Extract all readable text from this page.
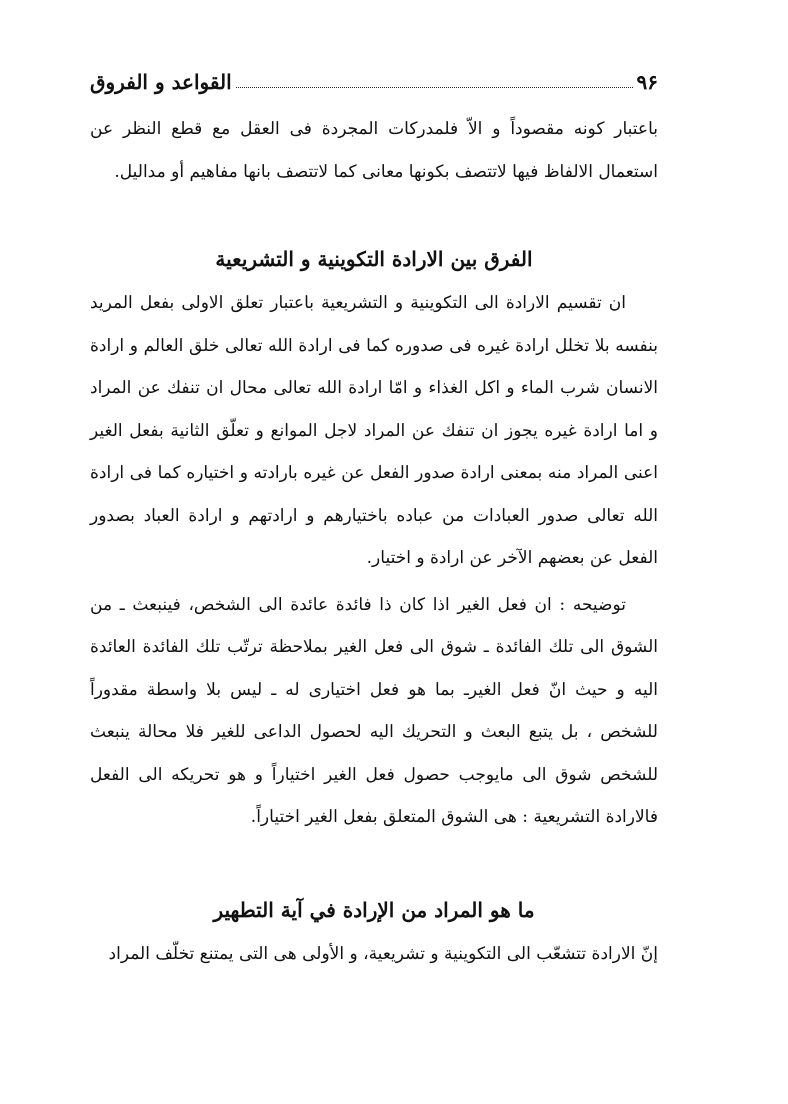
٩۶
القواعد و الفروق

باعتبار كونه مقصوداً و الاّ فلمدركات المجردة فى العقل مع قطع النظر عن استعمال الالفاظ فيها لاتتصف بكونها معانى كما لاتتصف بانها مفاهيم أو مداليل.

الفرق بين الارادة التكوينية و التشريعية

ان تقسيم الارادة الى التكوينية و التشريعية باعتبار تعلق الاولى بفعل المريد بنفسه بلا تخلل ارادة غيره فى صدوره كما فى ارادة الله تعالى خلق العالم و ارادة الانسان شرب الماء و اكل الغذاء و امّا ارادة الله تعالى محال ان تنفك عن المراد و اما ارادة غيره يجوز ان تنفك عن المراد لاجل الموانع و تعلّق الثانية بفعل الغير اعنى المراد منه بمعنى ارادة صدور الفعل عن غيره بارادته و اختياره كما فى ارادة الله تعالى صدور العبادات من عباده باختيارهم و ارادتهم و ارادة العباد بصدور الفعل عن بعضهم الآخر عن ارادة و اختيار.

توضيحه : ان فعل الغير اذا كان ذا فائدة عائدة الى الشخص، فينبعث ـ من الشوق الى تلك الفائدة ـ شوق الى فعل الغير بملاحظة ترتّب تلك الفائدة العائدة اليه و حيث انّ فعل الغيرـ بما هو فعل اختيارى له ـ ليس بلا واسطة مقدوراً للشخص ، بل يتبع البعث و التحريك اليه لحصول الداعى للغير فلا محالة ينبعث للشخص شوق الى مايوجب حصول فعل الغير اختياراً و هو تحريكه الى الفعل فالارادة التشريعية : هى الشوق المتعلق بفعل الغير اختياراً.

ما هو المراد من الإرادة في آية التطهير

إنّ الارادة تتشعّب الى التكوينية و تشريعية، و الأولى هى التى يمتنع تخلّف المراد
